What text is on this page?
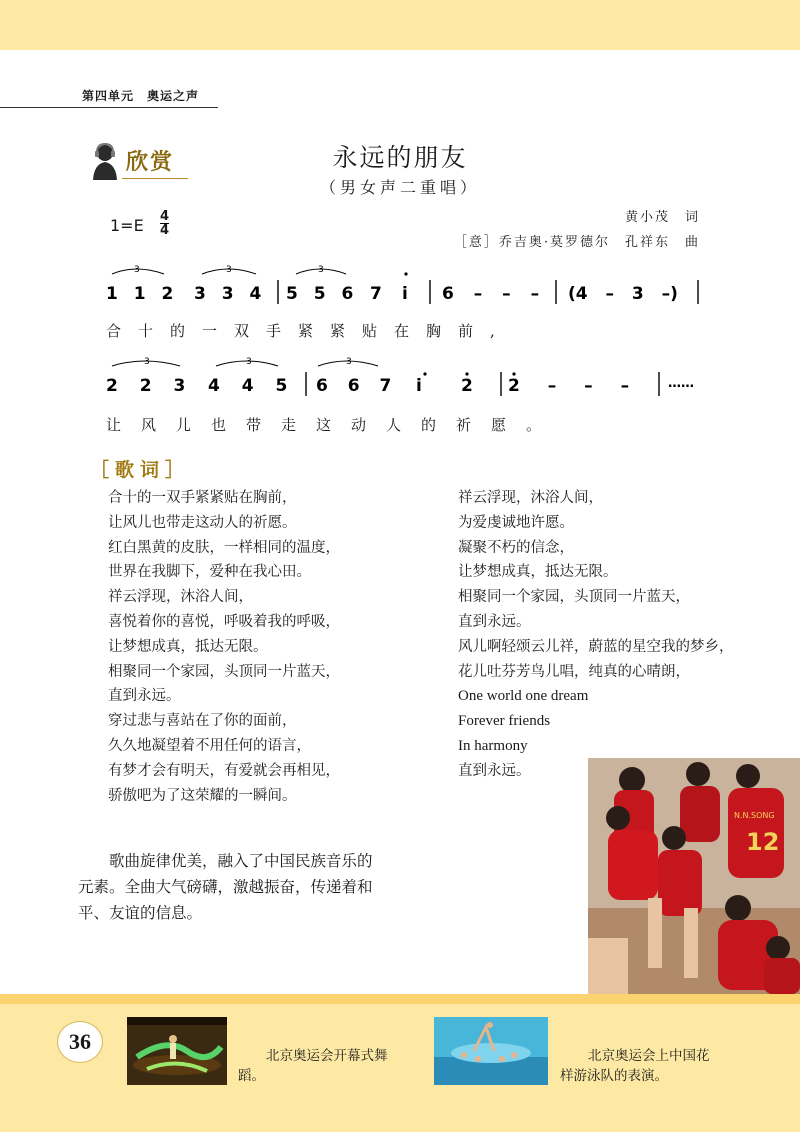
第四单元　奥运之声
欣赏	永远的朋友
（男女声二重唱）
1=E 4
4
黄小茂　词
［意］乔吉奥·莫罗德尔　孔祥东　曲
3	3	3
1 1 2 3 3 4 5 5 6 7 i 6 – – – (4 – 3 –)
合十的一双手紧紧贴在胸前,
3	3	3
2 2 3 4 4 5 6 6 7 i 2 2 – – –	……
让风儿也带走这动人的祈愿。
［歌词］
合十的一双手紧紧贴在胸前，
让风儿也带走这动人的祈愿。
红白黑黄的皮肤，一样相同的温度，
世界在我脚下，爱种在我心田。
祥云浮现，沐浴人间，
喜悦着你的喜悦，呼吸着我的呼吸，
让梦想成真，抵达无限。
相聚同一个家园，头顶同一片蓝天，
直到永远。
穿过悲与喜站在了你的面前，
久久地凝望着不用任何的语言，
有梦才会有明天，有爱就会再相见，
骄傲吧为了这荣耀的一瞬间。
祥云浮现，沐浴人间，
为爱虔诚地许愿。
凝聚不朽的信念，
让梦想成真，抵达无限。
相聚同一个家园，头顶同一片蓝天，
直到永远。
风儿啊轻颂云儿祥，蔚蓝的星空我的梦乡，
花儿吐芬芳鸟儿唱，纯真的心晴朗，
One world one dream
Forever friends
In harmony
直到永远。
歌曲旋律优美，融入了中国民族音乐的元素。全曲大气磅礴，激越振奋，传递着和平、友谊的信息。
N.N.SONG
12
36
北京奥运会开幕式舞蹈。
北京奥运会上中国花样游泳队的表演。
